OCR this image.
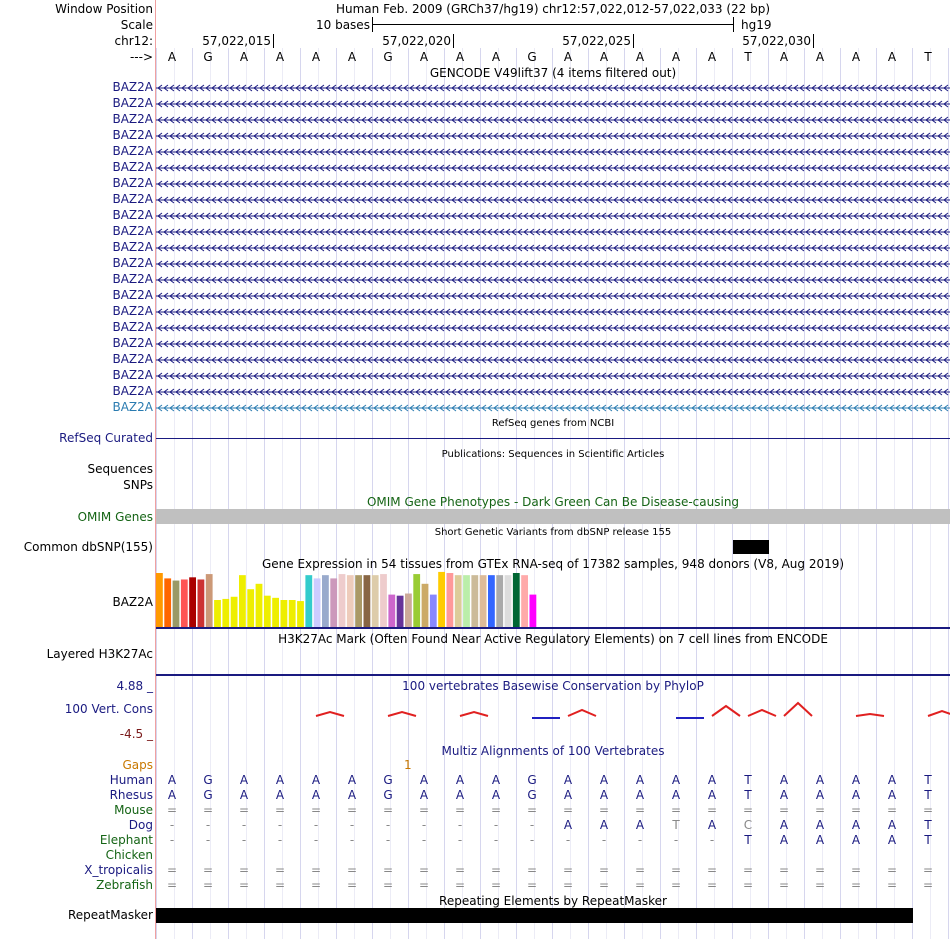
Window Position
Scale
chr12:
--->
Human Feb. 2009 (GRCh37/hg19) chr12:57,022,012-57,022,033 (22 bp)
10 bases	hg19
57,022,015	57,022,020	57,022,025	57,022,030
A	G	A	A	A	A	G	A	A	A	G	A	A	A	A	A	T	A	A	A	A	T
GENCODE V49lift37 (4 items filtered out)
BAZ2A
BAZ2A
BAZ2A
BAZ2A
BAZ2A
BAZ2A
BAZ2A
BAZ2A
BAZ2A
BAZ2A
BAZ2A
BAZ2A
BAZ2A
BAZ2A
BAZ2A
BAZ2A
BAZ2A
BAZ2A
BAZ2A
BAZ2A
BAZ2A
RefSeq Curated
RefSeq genes from NCBI
Publications: Sequences in Scientific Articles
Sequences
SNPs
OMIM Gene Phenotypes - Dark Green Can Be Disease-causing
OMIM Genes
Short Genetic Variants from dbSNP release 155
Common dbSNP(155)
Gene Expression in 54 tissues from GTEx RNA-seq of 17382 samples, 948 donors (V8, Aug 2019)
BAZ2A
H3K27Ac Mark (Often Found Near Active Regulatory Elements) on 7 cell lines from ENCODE
Layered H3K27Ac
4.88 _	100 vertebrates Basewise Conservation by PhyloP
100 Vert. Cons
-4.5 _
Multiz Alignments of 100 Vertebrates
Gaps	1
Human	A	G	A	A	A	A	G	A	A	A	G	A	A	A	A	A	T	A	A	A	A	T
Rhesus	A	G	A	A	A	A	G	A	A	A	G	A	A	A	A	A	T	A	A	A	A	T
Mouse	=	=	=	=	=	=	=	=	=	=	=	=	=	=	=	=	=	=	=	=	=	=
Dog	-	-	-	-	-	-	-	-	-	-	-	A	A	A	T	A	C	A	A	A	A	T
Elephant	-	-	-	-	-	-	-	-	-	-	-	-	-	-	-	-	T	A	A	A	A	T
Chicken
X_tropicalis	=	=	=	=	=	=	=	=	=	=	=	=	=	=	=	=	=	=	=	=	=	=
Zebrafish	=	=	=	=	=	=	=	=	=	=	=	=	=	=	=	=	=	=	=	=	=	=
Repeating Elements by RepeatMasker
RepeatMasker
